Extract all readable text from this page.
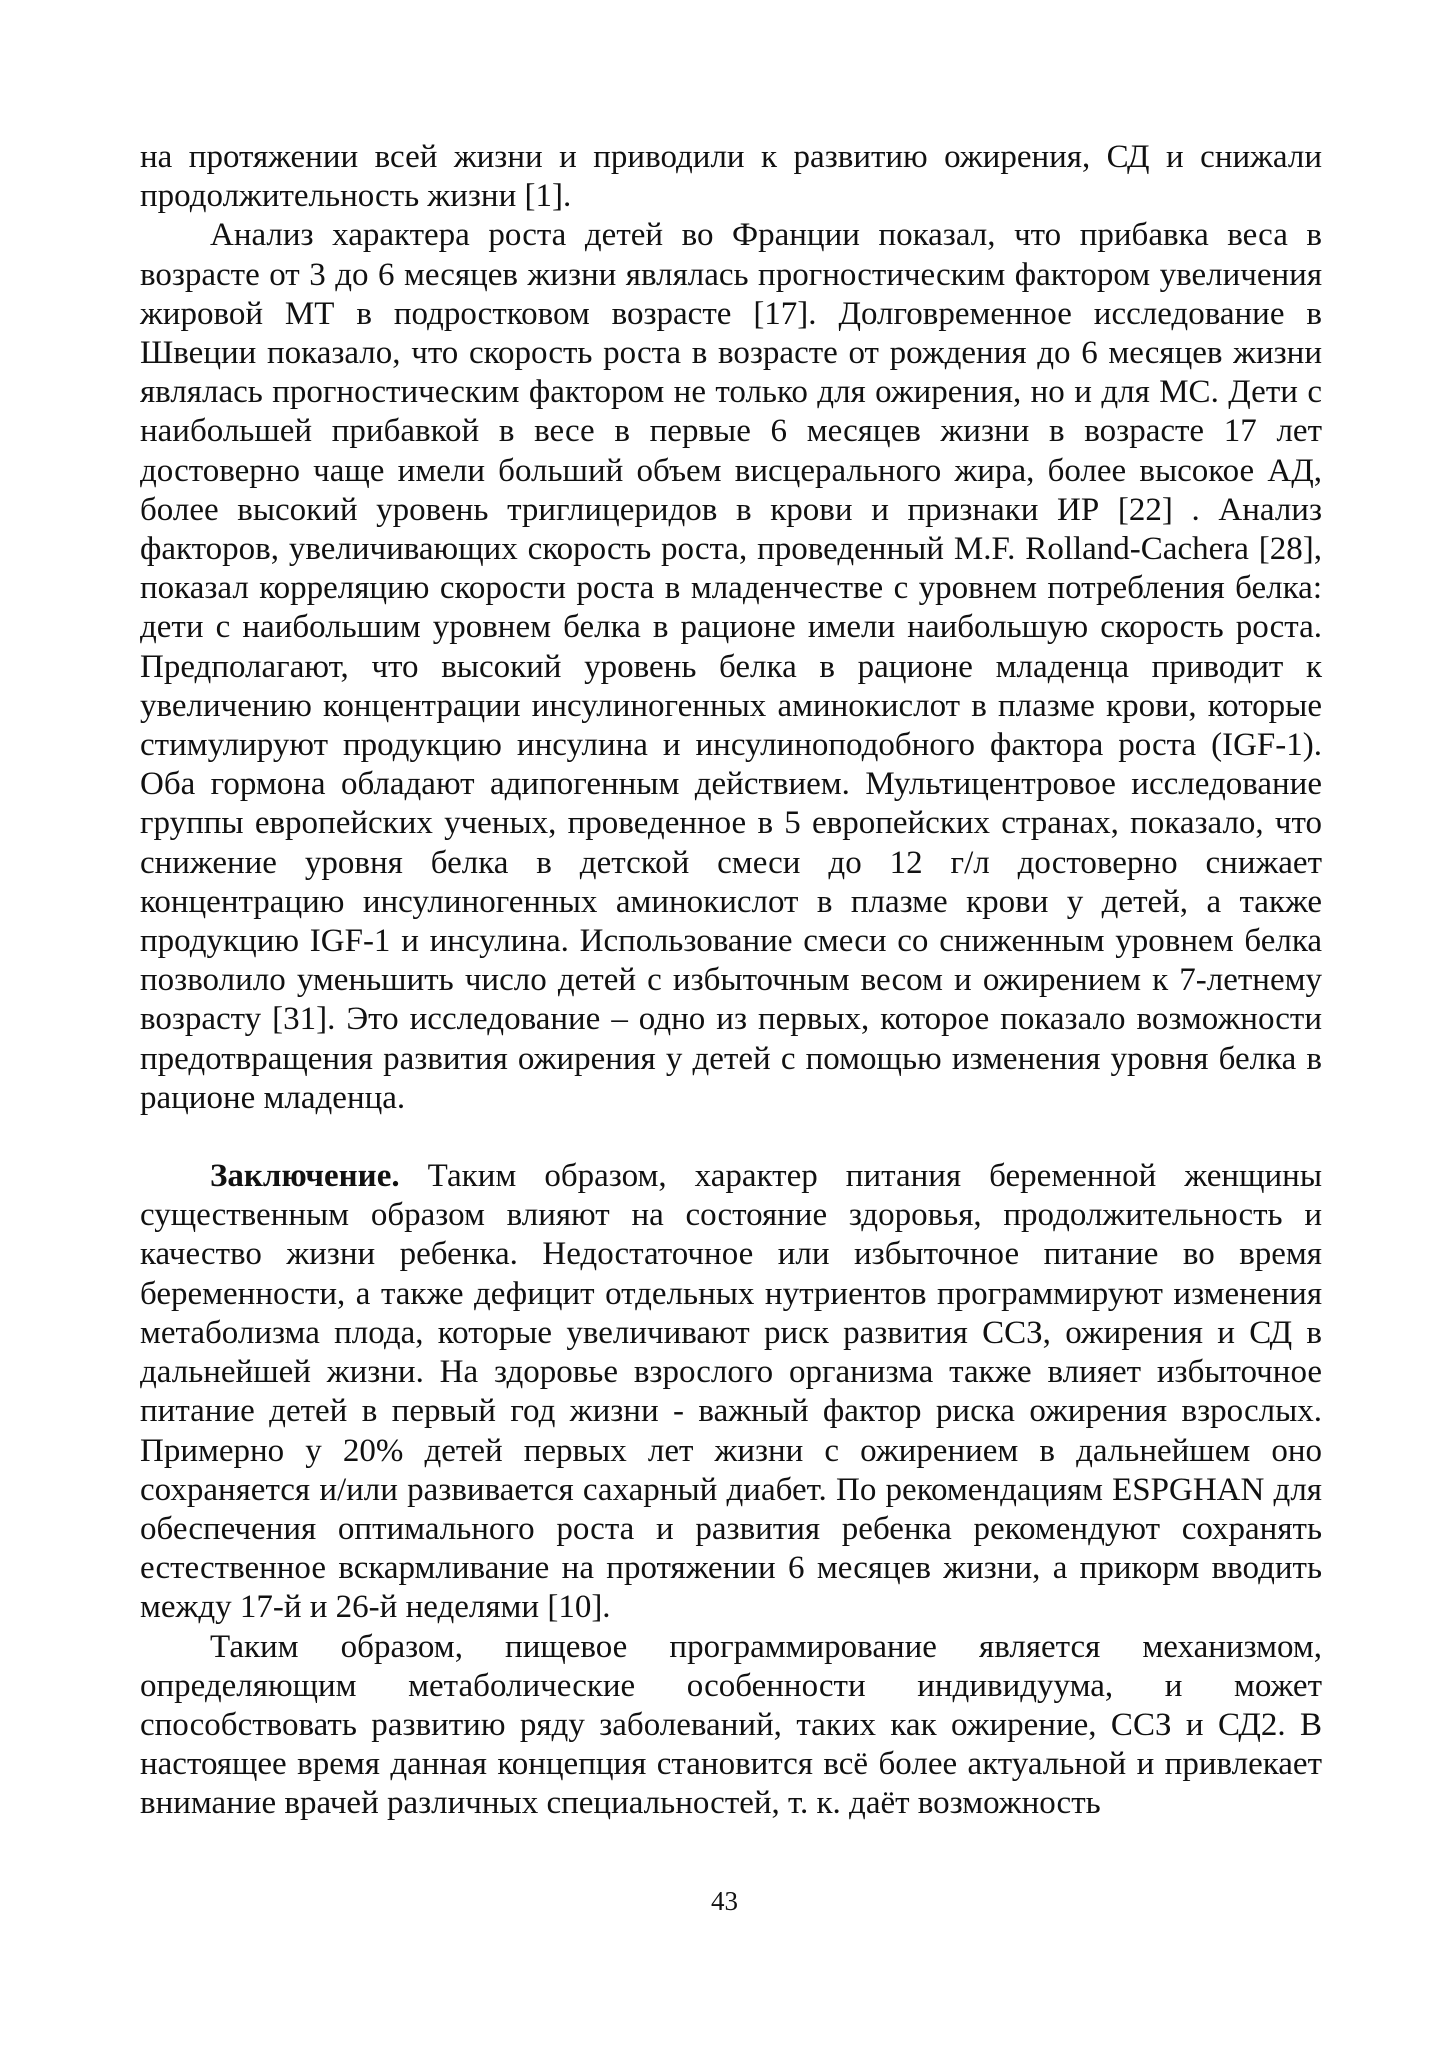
на протяжении всей жизни и приводили к развитию ожирения, СД и снижали продолжительность жизни [1].

Анализ характера роста детей во Франции показал, что прибавка веса в возрасте от 3 до 6 месяцев жизни являлась прогностическим фактором увеличения жировой МТ в подростковом возрасте [17]. Долговременное исследование в Швеции показало, что скорость роста в возрасте от рождения до 6 месяцев жизни являлась прогностическим фактором не только для ожирения, но и для МС. Дети с наибольшей прибавкой в весе в первые 6 месяцев жизни в возрасте 17 лет достоверно чаще имели больший объем висцерального жира, более высокое АД, более высокий уровень триглицеридов в крови и признаки ИР [22] . Анализ факторов, увеличивающих скорость роста, проведенный M.F. Rolland-Cachera [28], показал корреляцию скорости роста в младенчестве с уровнем потребления белка: дети с наибольшим уровнем белка в рационе имели наибольшую скорость роста. Предполагают, что высокий уровень белка в рационе младенца приводит к увеличению концентрации инсулиногенных аминокислот в плазме крови, которые стимулируют продукцию инсулина и инсулиноподобного фактора роста (IGF-1). Оба гормона обладают адипогенным действием. Мультицентровое исследование группы европейских ученых, проведенное в 5 европейских странах, показало, что снижение уровня белка в детской смеси до 12 г/л достоверно снижает концентрацию инсулиногенных аминокислот в плазме крови у детей, а также продукцию IGF-1 и инсулина. Использование смеси со сниженным уровнем белка позволило уменьшить число детей с избыточным весом и ожирением к 7-летнему возрасту [31]. Это исследование – одно из первых, которое показало возможности предотвращения развития ожирения у детей с помощью изменения уровня белка в рационе младенца.

Заключение. Таким образом, характер питания беременной женщины существенным образом влияют на состояние здоровья, продолжительность и качество жизни ребенка. Недостаточное или избыточное питание во время беременности, а также дефицит отдельных нутриентов программируют изменения метаболизма плода, которые увеличивают риск развития ССЗ, ожирения и СД в дальнейшей жизни. На здоровье взрослого организма также влияет избыточное питание детей в первый год жизни - важный фактор риска ожирения взрослых. Примерно у 20% детей первых лет жизни с ожирением в дальнейшем оно сохраняется и/или развивается сахарный диабет. По рекомендациям ESPGHAN для обеспечения оптимального роста и развития ребенка рекомендуют сохранять естественное вскармливание на протяжении 6 месяцев жизни, а прикорм вводить между 17-й и 26-й неделями [10].

Таким образом, пищевое программирование является механизмом, определяющим метаболические особенности индивидуума, и может способствовать развитию ряду заболеваний, таких как ожирение, ССЗ и СД2. В настоящее время данная концепция становится всё более актуальной и привлекает внимание врачей различных специальностей, т. к. даёт возможность

43
